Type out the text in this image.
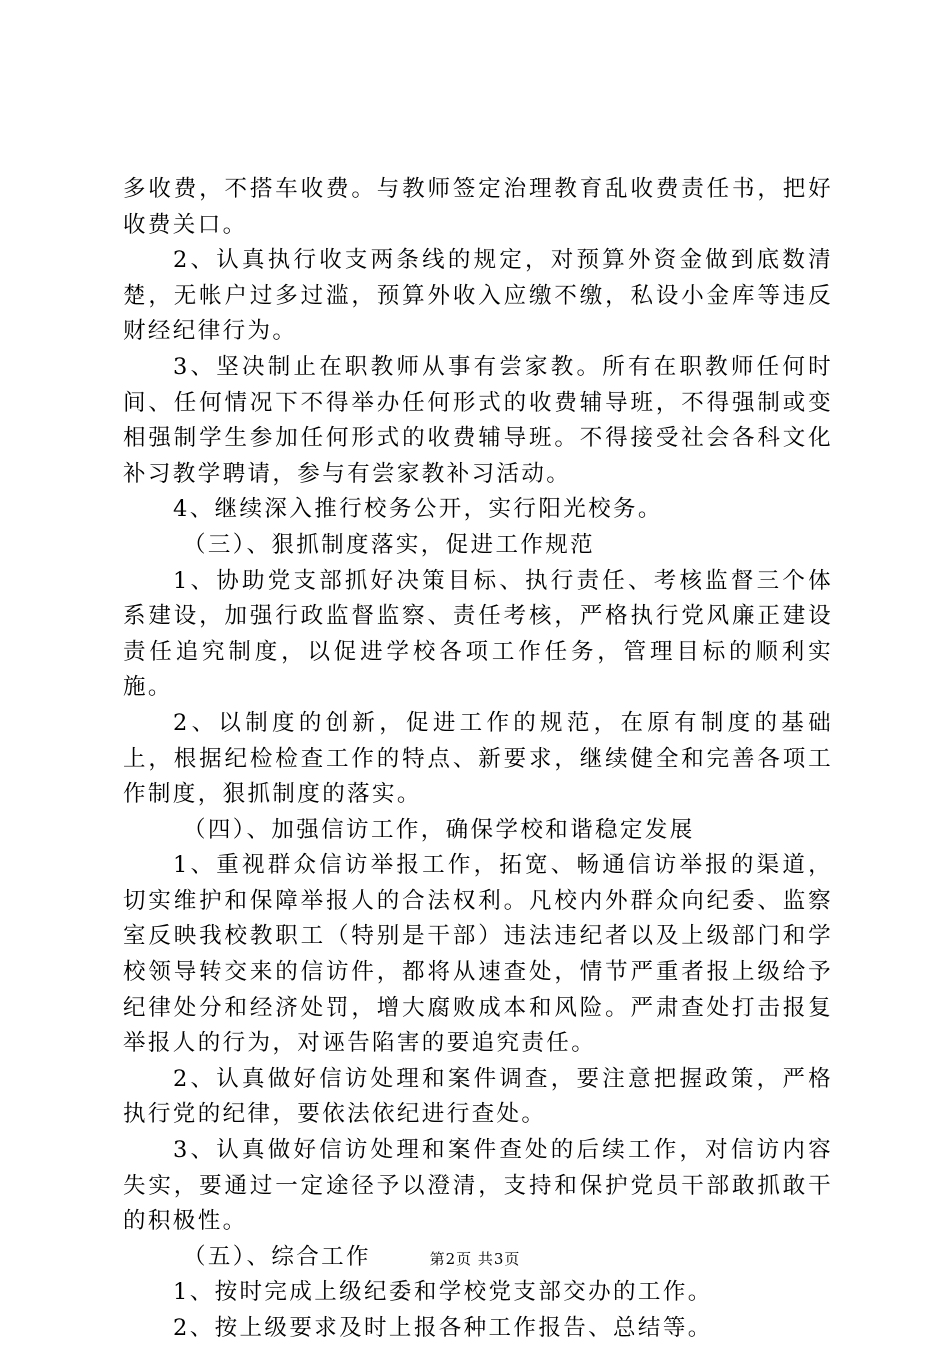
多收费，不搭车收费。与教师签定治理教育乱收费责任书，把好收费关口。

2、认真执行收支两条线的规定，对预算外资金做到底数清楚，无帐户过多过滥，预算外收入应缴不缴，私设小金库等违反财经纪律行为。

3、坚决制止在职教师从事有尝家教。所有在职教师任何时间、任何情况下不得举办任何形式的收费辅导班，不得强制或变相强制学生参加任何形式的收费辅导班。不得接受社会各科文化补习教学聘请，参与有尝家教补习活动。

4、继续深入推行校务公开，实行阳光校务。

（三）、狠抓制度落实，促进工作规范

1、协助党支部抓好决策目标、执行责任、考核监督三个体系建设，加强行政监督监察、责任考核，严格执行党风廉正建设责任追究制度，以促进学校各项工作任务，管理目标的顺利实施。

2、以制度的创新，促进工作的规范，在原有制度的基础上，根据纪检检查工作的特点、新要求，继续健全和完善各项工作制度，狠抓制度的落实。

（四）、加强信访工作，确保学校和谐稳定发展

1、重视群众信访举报工作，拓宽、畅通信访举报的渠道，切实维护和保障举报人的合法权利。凡校内外群众向纪委、监察室反映我校教职工（特别是干部）违法违纪者以及上级部门和学校领导转交来的信访件，都将从速查处，情节严重者报上级给予纪律处分和经济处罚，增大腐败成本和风险。严肃查处打击报复举报人的行为，对诬告陷害的要追究责任。

2、认真做好信访处理和案件调查，要注意把握政策，严格执行党的纪律，要依法依纪进行查处。

3、认真做好信访处理和案件查处的后续工作，对信访内容失实，要通过一定途径予以澄清，支持和保护党员干部敢抓敢干的积极性。

（五）、综合工作

1、按时完成上级纪委和学校党支部交办的工作。

2、按上级要求及时上报各种工作报告、总结等。

第2页 共3页
